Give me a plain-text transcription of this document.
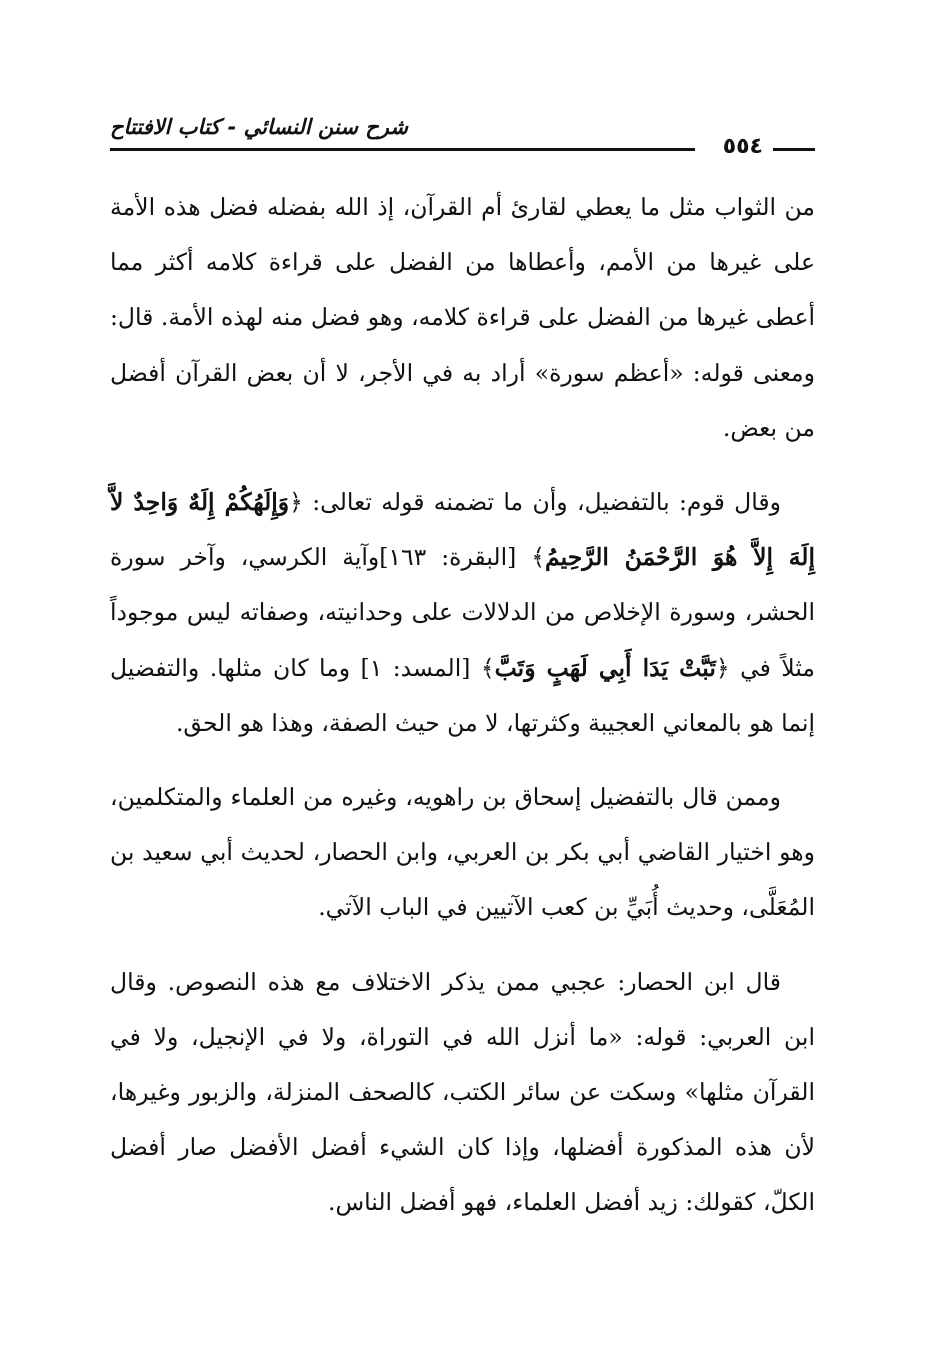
شرح سنن النسائي - كتاب الافتتاح
٥٥٤

من الثواب مثل ما يعطي لقارئ أم القرآن، إذ الله بفضله فضل هذه الأمة على غيرها من الأمم، وأعطاها من الفضل على قراءة كلامه أكثر مما أعطى غيرها من الفضل على قراءة كلامه، وهو فضل منه لهذه الأمة. قال: ومعنى قوله: «أعظم سورة» أراد به في الأجر، لا أن بعض القرآن أفضل من بعض.

وقال قوم: بالتفضيل، وأن ما تضمنه قوله تعالى: ﴿وَإِلَهُكُمْ إِلَهٌ وَاحِدٌ لاَّ إِلَهَ إِلاَّ هُوَ الرَّحْمَنُ الرَّحِيمُ﴾ [البقرة: ١٦٣]وآية الكرسي، وآخر سورة الحشر، وسورة الإخلاص من الدلالات على وحدانيته، وصفاته ليس موجوداً مثلاً في ﴿تَبَّتْ يَدَا أَبِي لَهَبٍ وَتَبَّ﴾ [المسد: ١] وما كان مثلها. والتفضيل إنما هو بالمعاني العجيبة وكثرتها، لا من حيث الصفة، وهذا هو الحق.

وممن قال بالتفضيل إسحاق بن راهويه، وغيره من العلماء والمتكلمين، وهو اختيار القاضي أبي بكر بن العربي، وابن الحصار، لحديث أبي سعيد بن المُعَلَّى، وحديث أُبَيِّ بن كعب الآتيين في الباب الآتي.

قال ابن الحصار: عجبي ممن يذكر الاختلاف مع هذه النصوص. وقال ابن العربي: قوله: «ما أنزل الله في التوراة، ولا في الإنجيل، ولا في القرآن مثلها» وسكت عن سائر الكتب، كالصحف المنزلة، والزبور وغيرها، لأن هذه المذكورة أفضلها، وإذا كان الشيء أفضل الأفضل صار أفضل الكلّ، كقولك: زيد أفضل العلماء، فهو أفضل الناس.
